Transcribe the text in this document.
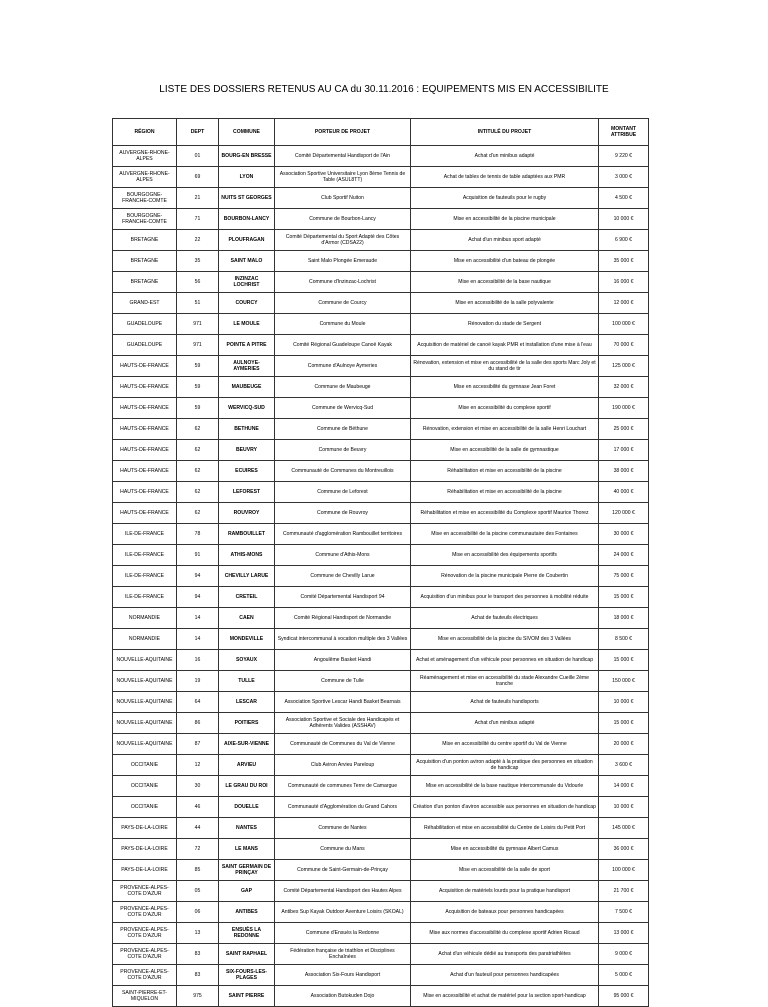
LISTE DES DOSSIERS RETENUS AU CA du 30.11.2016 : EQUIPEMENTS MIS EN ACCESSIBILITE
RÉGION	DEPT	COMMUNE	PORTEUR DE PROJET	INTITULÉ DU PROJET	MONTANT ATTRIBUE
AUVERGNE-RHONE-ALPES	01	BOURG-EN BRESSE	Comité Départemental Handisport de l'Ain	Achat d'un minibus adapté	9 220 €
AUVERGNE-RHONE-ALPES	69	LYON	Association Sportive Universitaire Lyon 8ème Tennis de Table (ASUL8TT)	Achat de tables de tennis de table adaptées aux PMR	3 000 €
BOURGOGNE-FRANCHE-COMTE	21	NUITS ST GEORGES	Club Sportif Nuiton	Acquisition de fauteuils pour le rugby	4 500 €
BOURGOGNE-FRANCHE-COMTE	71	BOURBON-LANCY	Commune de Bourbon-Lancy	Mise en accessibilité de la piscine municipale	10 000 €
BRETAGNE	22	PLOUFRAGAN	Comité Départemental du Sport Adapté des Côtes d'Armor (CDSA22)	Achat d'un minibus sport adapté	6 900 €
BRETAGNE	35	SAINT MALO	Saint Malo Plongée Emeraude	Mise en accessibilité d'un bateau de plongée	35 000 €
BRETAGNE	56	INZINZAC LOCHRIST	Commune d'Inzinzac-Lochrist	Mise en accessibilité de la base nautique	16 000 €
GRAND-EST	51	COURCY	Commune de Courcy	Mise en accessibilité de la salle polyvalente	12 000 €
GUADELOUPE	971	LE MOULE	Commune du Moule	Rénovation du stade de Sergent	100 000 €
GUADELOUPE	971	POINTE A PITRE	Comité Régional Guadeloupe Canoë Kayak	Acquisition de matériel de canoë kayak PMR et installation d'une mise à l'eau	70 000 €
HAUTS-DE-FRANCE	59	AULNOYE-AYMERIES	Commune d'Aulnoye Aymeries	Rénovation, extension et mise en accessibilité de la salle des sports Marc Joly et du stand de tir	125 000 €
HAUTS-DE-FRANCE	59	MAUBEUGE	Commune de Maubeuge	Mise en accessibilité du gymnase Jean Foret	32 000 €
HAUTS-DE-FRANCE	59	WERVICQ-SUD	Commune de Wervicq-Sud	Mise en accessibilité du complexe sportif	190 000 €
HAUTS-DE-FRANCE	62	BETHUNE	Commune de Béthune	Rénovation, extension et mise en accessibilité de la salle Henri Louchart	25 000 €
HAUTS-DE-FRANCE	62	BEUVRY	Commune de Beuvry	Mise en accessibilité de la salle de gymnastique	17 000 €
HAUTS-DE-FRANCE	62	ECUIRES	Communauté de Communes du Montreuillois	Réhabilitation et mise en accessibilité de la piscine	38 000 €
HAUTS-DE-FRANCE	62	LEFOREST	Commune de Leforest	Réhabilitation et mise en accessibilité de la piscine	40 000 €
HAUTS-DE-FRANCE	62	ROUVROY	Commune de Rouvroy	Réhabilitation et mise en accessibilité du Complexe sportif Maurice Thorez	120 000 €
ILE-DE-FRANCE	78	RAMBOUILLET	Communauté d'agglomération Rambouillet territoires	Mise en accessibilité de la piscine communautaire des Fontaines	30 000 €
ILE-DE-FRANCE	91	ATHIS-MONS	Commune d'Athis-Mons	Mise en accessibilité des équipements sportifs	24 000 €
ILE-DE-FRANCE	94	CHEVILLY LARUE	Commune de Chevilly Larue	Rénovation de la piscine municipale Pierre de Coubertin	75 000 €
ILE-DE-FRANCE	94	CRETEIL	Comité Départemental Handisport 94	Acquisition d'un minibus pour le transport des personnes à mobilité réduite	15 000 €
NORMANDIE	14	CAEN	Comité Régional Handisport de Normandie	Achat de fauteuils électriques	18 000 €
NORMANDIE	14	MONDEVILLE	Syndicat intercommunal à vocation multiple des 3 Vallées	Mise en accessibilité de la piscine du SIVOM des 3 Vallées	8 500 €
NOUVELLE-AQUITAINE	16	SOYAUX	Angoulême Basket Handi	Achat et aménagement d'un véhicule pour personnes en situation de handicap	15 000 €
NOUVELLE-AQUITAINE	19	TULLE	Commune de Tulle	Réaménagement et mise en accessibilité du stade Alexandre Cueille 2ème tranche	150 000 €
NOUVELLE-AQUITAINE	64	LESCAR	Association Sportive Lescar Handi Basket Bearnais	Achat de fauteuils handisports	10 000 €
NOUVELLE-AQUITAINE	86	POITIERS	Association Sportive et Sociale des Handicapés et Adhérents Valides (ASSHAV)	Achat d'un minibus adapté	15 000 €
NOUVELLE-AQUITAINE	87	AIXE-SUR-VIENNE	Communauté de Communes du Val de Vienne	Mise en accessibilité du centre sportif du Val de Vienne	20 000 €
OCCITANIE	12	ARVIEU	Club Aviron Arvieu Pareloup	Acquisition d'un ponton aviron adapté à la pratique des personnes en situation de handicap	3 600 €
OCCITANIE	30	LE GRAU DU ROI	Communauté de communes Terre de Camargue	Mise en accessibilité de la base nautique intercommunale du Vidourle	14 000 €
OCCITANIE	46	DOUELLE	Communauté d'Agglomération du Grand Cahors	Création d'un ponton d'aviron accessible aux personnes en situation de handicap	10 000 €
PAYS-DE-LA-LOIRE	44	NANTES	Commune de Nantes	Réhabilitation et mise en accessibilité du Centre de Loisirs du Petit Port	145 000 €
PAYS-DE-LA-LOIRE	72	LE MANS	Commune du Mans	Mise en accessibilité du gymnase Albert Camus	36 000 €
PAYS-DE-LA-LOIRE	85	SAINT GERMAIN DE PRINÇAY	Commune de Saint-Germain-de-Prinçay	Mise en accessibilité de la salle de sport	100 000 €
PROVENCE-ALPES-COTE D'AZUR	05	GAP	Comité Départemental Handisport des Hautes Alpes	Acquisition de matériels lourds pour la pratique handisport	21 700 €
PROVENCE-ALPES-COTE D'AZUR	06	ANTIBES	Antibes Sup Kayak Outdoor Aventure Loisirs (SKOAL)	Acquisition de bateaux pour personnes handicapées	7 500 €
PROVENCE-ALPES-COTE D'AZUR	13	ENSUÈS LA REDONNE	Commune d'Ensuès la Redonne	Mise aux normes d'accessibilité du complexe sportif Adrien Ricaud	13 000 €
PROVENCE-ALPES-COTE D'AZUR	83	SAINT RAPHAEL	Fédération française de triathlon et Disciplines Enchaînées	Achat d'un véhicule dédié au transports des paratriathlètes	9 000 €
PROVENCE-ALPES-COTE D'AZUR	83	SIX-FOURS-LES-PLAGES	Association Six-Fours Handisport	Achat d'un fauteuil pour personnes handicapées	5 000 €
SAINT-PIERRE-ET-MIQUELON	975	SAINT PIERRE	Association Butokuden Dojo	Mise en accessibilité et achat de matériel pour la section sport-handicap	95 000 €
